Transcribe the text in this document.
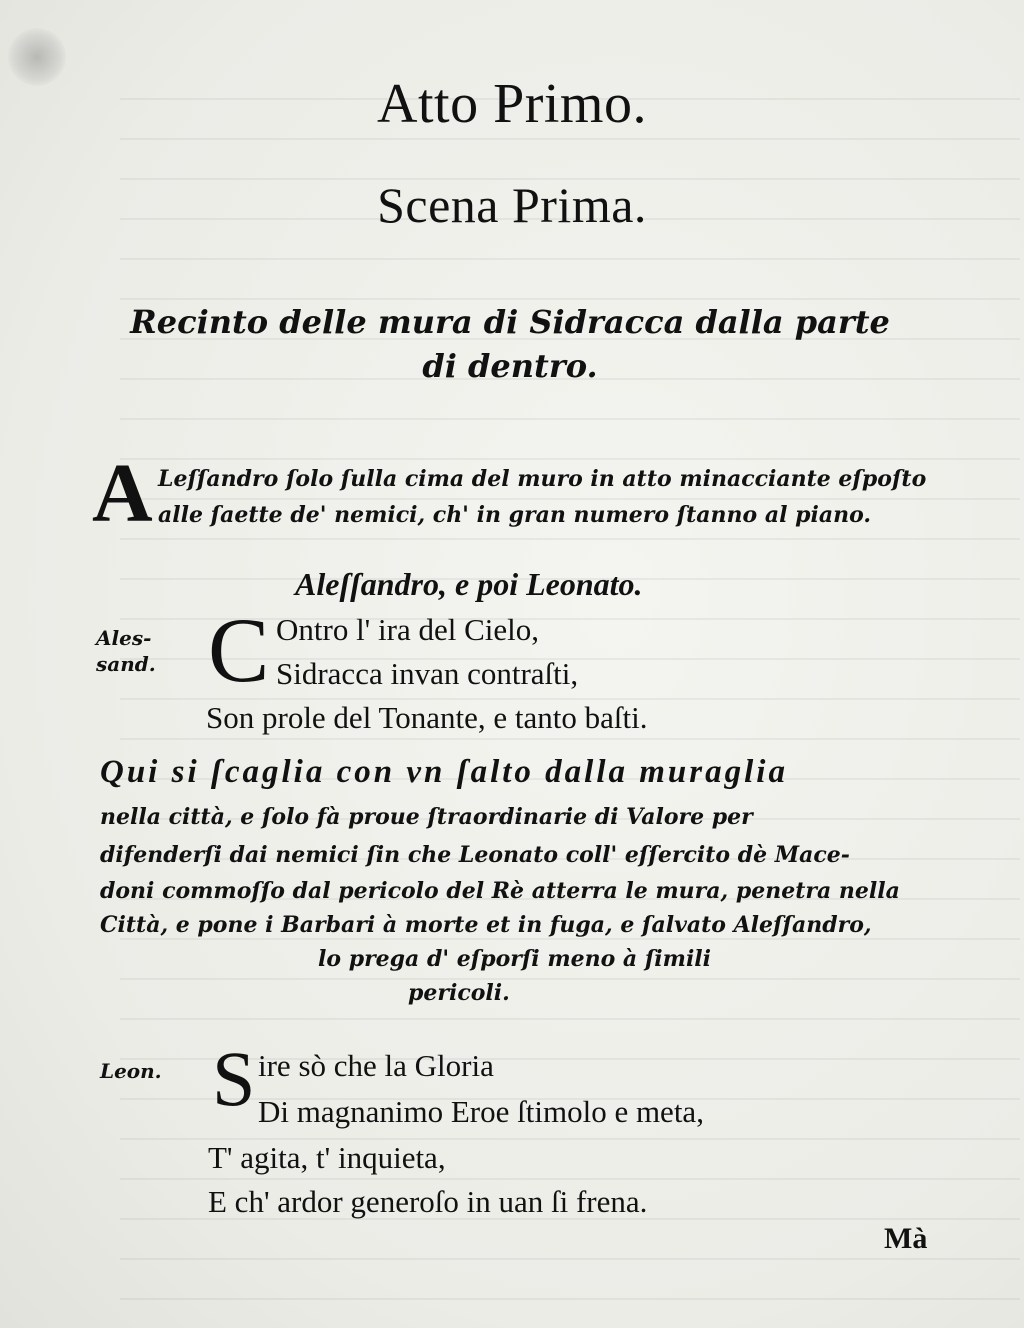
Atto Primo.
Scena Prima.
Recinto delle mura di Sidracca dalla parte
di dentro.
A Leſſandro ſolo ſulla cima del muro in atto minacciante eſpoſto
alle ſaette de' nemici, ch' in gran numero ſtanno al piano.
Aleſſandro, e poi Leonato.
Ales-
sand. C Ontro l' ira del Cielo,
Sidracca invan contraſti,
Son prole del Tonante, e tanto baſti.
Qui si ſcaglia con vn ſalto dalla muraglia
nella città, e ſolo fà proue ſtraordinarie di Valore per
difenderſi dai nemici ſin che Leonato coll' eſſercito dè Mace-
doni commoſſo dal pericolo del Rè atterra le mura, penetra nella
Città, e pone i Barbari à morte et in fuga, e ſalvato Aleſſandro,
lo prega d' eſporſi meno à ſimili
pericoli.
Leon. S ire sò che la Gloria
Di magnanimo Eroe ſtimolo e meta,
T' agita, t' inquieta,
E ch' ardor generoſo in uan ſi frena.
Mà
